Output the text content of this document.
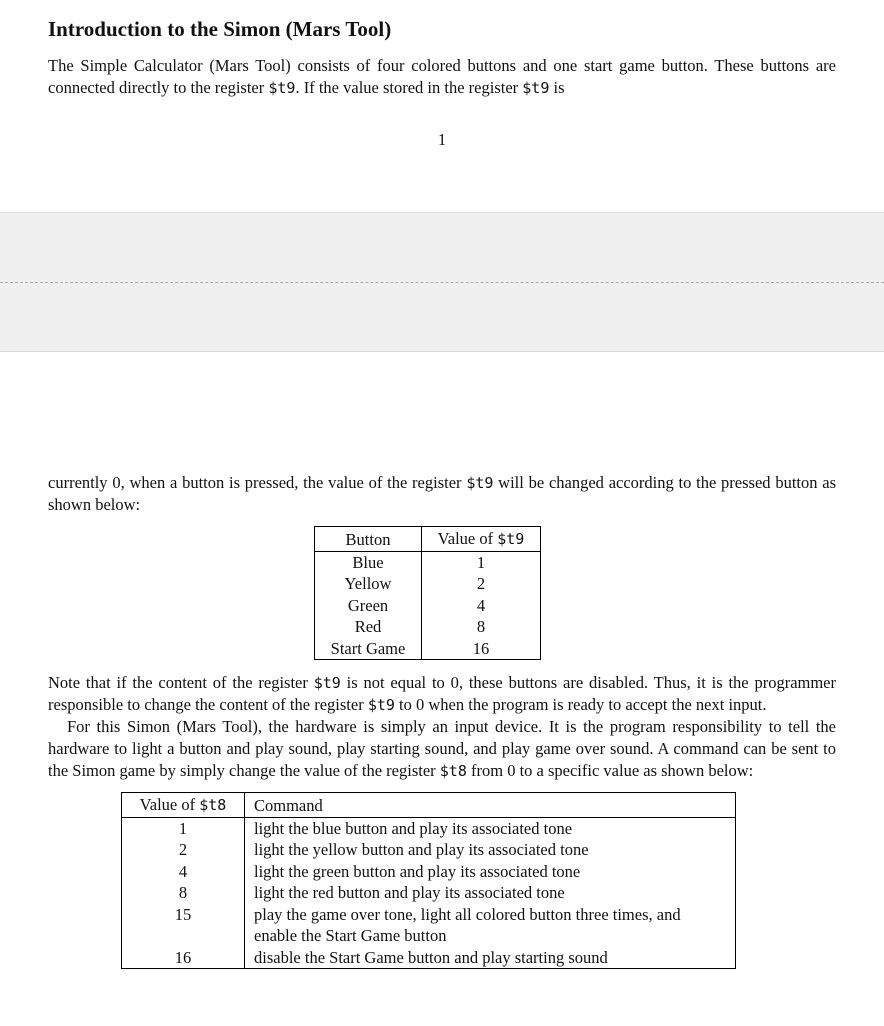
Introduction to the Simon (Mars Tool)

The Simple Calculator (Mars Tool) consists of four colored buttons and one start game button. These buttons are connected directly to the register $t9. If the value stored in the register $t9 is

1

currently 0, when a button is pressed, the value of the register $t9 will be changed according to the pressed button as shown below:

Button	Value of $t9
Blue	1
Yellow	2
Green	4
Red	8
Start Game	16

Note that if the content of the register $t9 is not equal to 0, these buttons are disabled. Thus, it is the programmer responsible to change the content of the register $t9 to 0 when the program is ready to accept the next input.

For this Simon (Mars Tool), the hardware is simply an input device. It is the program responsibility to tell the hardware to light a button and play sound, play starting sound, and play game over sound. A command can be sent to the Simon game by simply change the value of the register $t8 from 0 to a specific value as shown below:

Value of $t8	Command
1	light the blue button and play its associated tone
2	light the yellow button and play its associated tone
4	light the green button and play its associated tone
8	light the red button and play its associated tone
15	play the game over tone, light all colored button three times, and enable the Start Game button
16	disable the Start Game button and play starting sound
